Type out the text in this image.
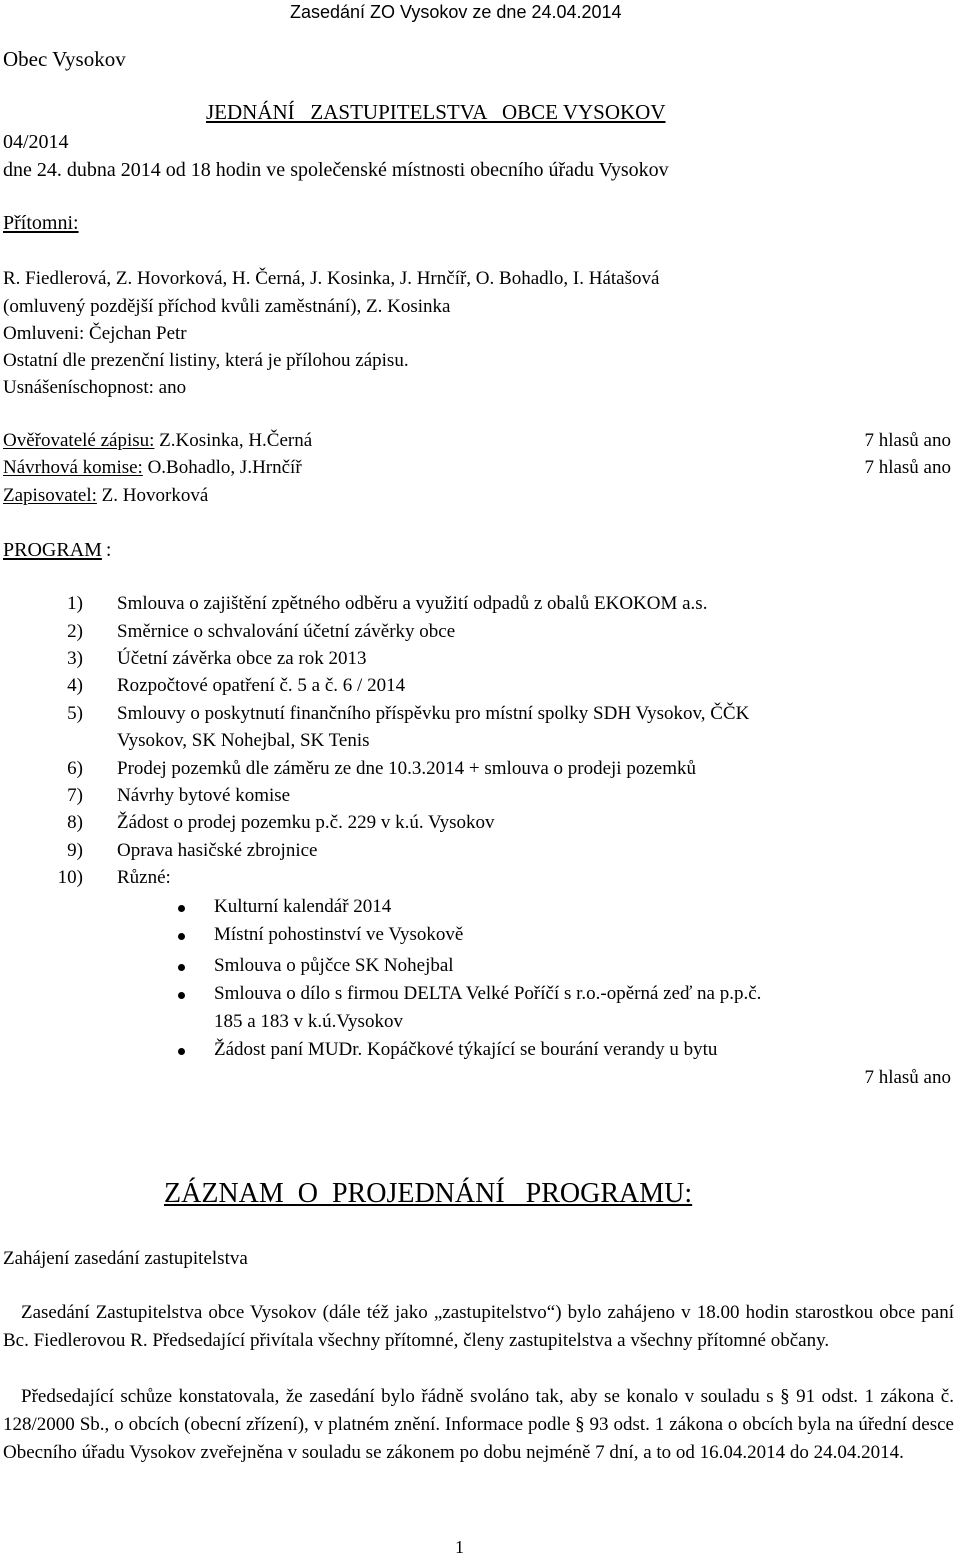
Zasedání ZO Vysokov ze dne 24.04.2014
Obec Vysokov
JEDNÁNÍ   ZASTUPITELSTVA   OBCE VYSOKOV
04/2014
dne 24. dubna 2014 od 18 hodin ve společenské místnosti obecního úřadu Vysokov
Přítomni:
R. Fiedlerová, Z. Hovorková, H. Černá, J. Kosinka, J. Hrnčíř, O. Bohadlo, I. Hátašová
(omluvený pozdější příchod kvůli zaměstnání), Z. Kosinka
Omluveni: Čejchan Petr
Ostatní dle prezenční listiny, která je přílohou zápisu.
Usnášeníschopnost: ano
Ověřovatelé zápisu: Z.Kosinka, H.Černá	7 hlasů ano
Návrhová komise: O.Bohadlo, J.Hrnčíř	7 hlasů ano
Zapisovatel: Z. Hovorková
PROGRAM :
1) Smlouva o zajištění zpětného odběru a využití odpadů z obalů EKOKOM a.s.
2) Směrnice o schvalování účetní závěrky obce
3) Účetní závěrka obce za rok 2013
4) Rozpočtové opatření č. 5 a č. 6 / 2014
5) Smlouvy o poskytnutí finančního příspěvku pro místní spolky SDH Vysokov, ČČK
Vysokov, SK Nohejbal, SK Tenis
6) Prodej pozemků dle záměru ze dne 10.3.2014 + smlouva o prodeji pozemků
7) Návrhy bytové komise
8) Žádost o prodej pozemku p.č. 229 v k.ú. Vysokov
9) Oprava hasičské zbrojnice
10) Různé:
Kulturní kalendář 2014
Místní pohostinství ve Vysokově
Smlouva o půjčce SK Nohejbal
Smlouva o dílo s firmou DELTA Velké Poříčí s r.o.-opěrná zeď na p.p.č.
185 a 183 v k.ú.Vysokov
Žádost paní MUDr. Kopáčkové týkající se bourání verandy u bytu
7 hlasů ano
ZÁZNAM  O  PROJEDNÁNÍ   PROGRAMU:
Zahájení zasedání zastupitelstva
Zasedání Zastupitelstva obce Vysokov (dále též jako „zastupitelstvo“) bylo zahájeno v 18.00 hodin starostkou obce paní Bc. Fiedlerovou R. Předsedající přivítala všechny přítomné, členy zastupitelstva a všechny přítomné občany.
Předsedající schůze konstatovala, že zasedání bylo řádně svoláno tak, aby se konalo v souladu s § 91 odst. 1 zákona č. 128/2000 Sb., o obcích (obecní zřízení), v platném znění. Informace podle § 93 odst. 1 zákona o obcích byla na úřední desce Obecního úřadu Vysokov zveřejněna v souladu se zákonem po dobu nejméně 7 dní, a to od 16.04.2014 do 24.04.2014.
1
